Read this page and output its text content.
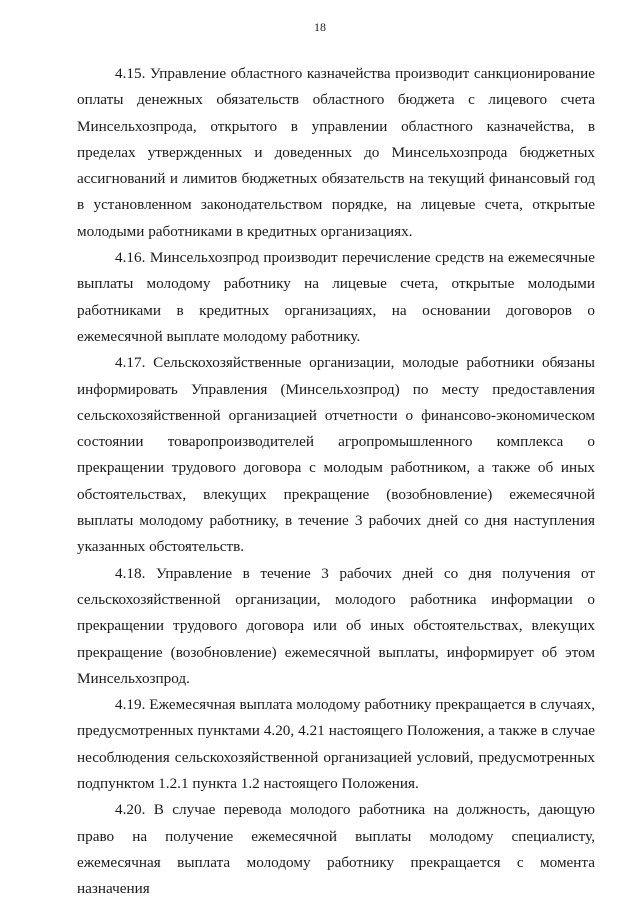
18

4.15. Управление областного казначейства производит санкционирование оплаты денежных обязательств областного бюджета с лицевого счета Минсельхозпрода, открытого в управлении областного казначейства, в пределах утвержденных и доведенных до Минсельхозпрода бюджетных ассигнований и лимитов бюджетных обязательств на текущий финансовый год в установленном законодательством порядке, на лицевые счета, открытые молодыми работниками в кредитных организациях.

4.16. Минсельхозпрод производит перечисление средств на ежемесячные выплаты молодому работнику на лицевые счета, открытые молодыми работниками в кредитных организациях, на основании договоров о ежемесячной выплате молодому работнику.

4.17. Сельскохозяйственные организации, молодые работники обязаны информировать Управления (Минсельхозпрод) по месту предоставления сельскохозяйственной организацией отчетности о финансово-экономическом состоянии товаропроизводителей агропромышленного комплекса о прекращении трудового договора с молодым работником, а также об иных обстоятельствах, влекущих прекращение (возобновление) ежемесячной выплаты молодому работнику, в течение 3 рабочих дней со дня наступления указанных обстоятельств.

4.18. Управление в течение 3 рабочих дней со дня получения от сельскохозяйственной организации, молодого работника информации о прекращении трудового договора или об иных обстоятельствах, влекущих прекращение (возобновление) ежемесячной выплаты, информирует об этом Минсельхозпрод.

4.19. Ежемесячная выплата молодому работнику прекращается в случаях, предусмотренных пунктами 4.20, 4.21 настоящего Положения, а также в случае несоблюдения сельскохозяйственной организацией условий, предусмотренных подпунктом 1.2.1 пункта 1.2 настоящего Положения.

4.20. В случае перевода молодого работника на должность, дающую право на получение ежемесячной выплаты молодому специалисту, ежемесячная выплата молодому работнику прекращается с момента назначения
